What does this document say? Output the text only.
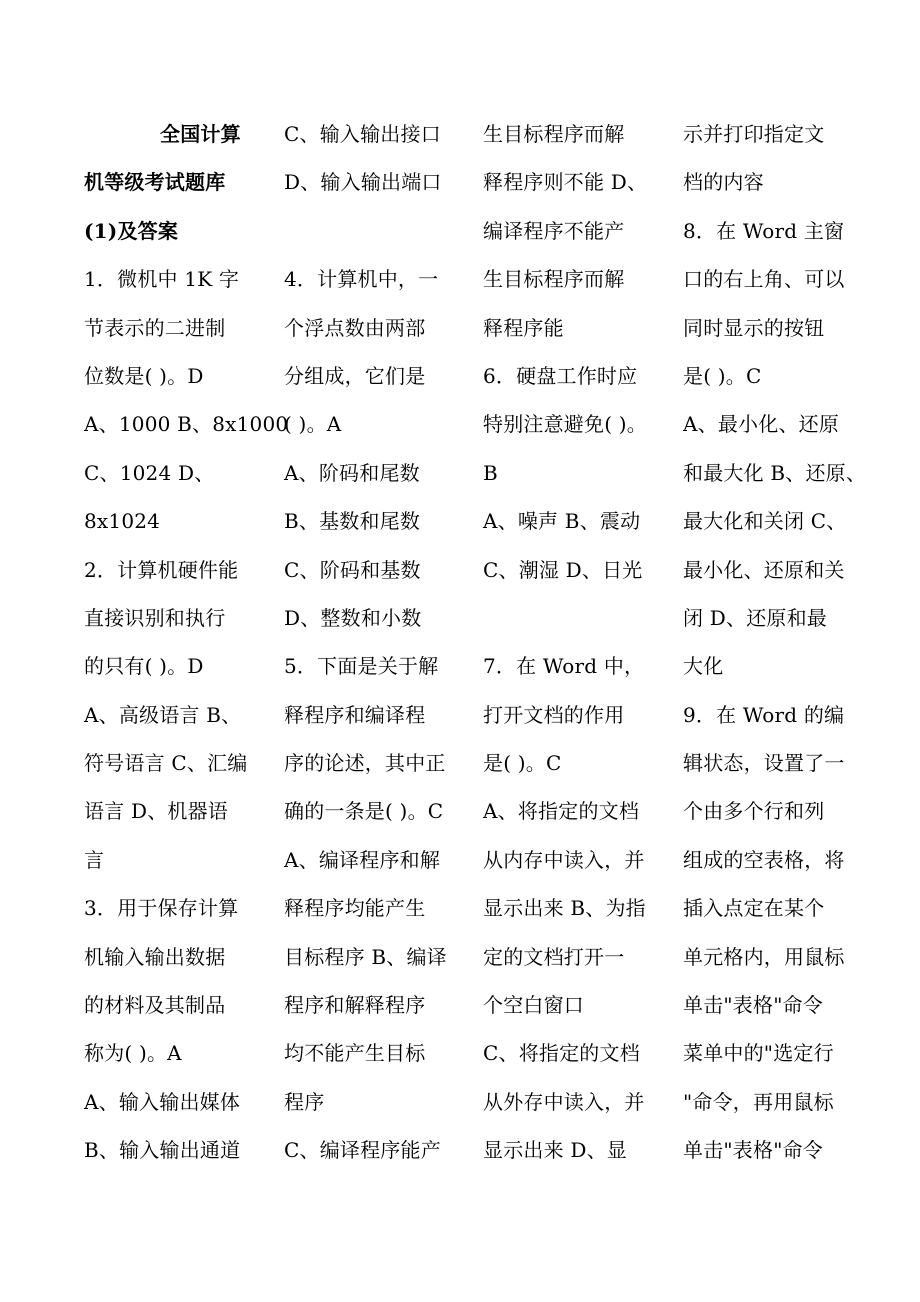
全国计算
机等级考试题库
(1)及答案
1．微机中 1K 字
节表示的二进制
位数是( )。D
A、1000 B、8x1000
C、1024 D、
8x1024
2．计算机硬件能
直接识别和执行
的只有( )。D
A、高级语言 B、
符号语言 C、汇编
语言 D、机器语
言
3．用于保存计算
机输入输出数据
的材料及其制品
称为( )。A
A、输入输出媒体
B、输入输出通道
C、输入输出接口
D、输入输出端口
4．计算机中，一
个浮点数由两部
分组成，它们是
( )。A
A、阶码和尾数
B、基数和尾数
C、阶码和基数
D、整数和小数
5．下面是关于解
释程序和编译程
序的论述，其中正
确的一条是( )。C
A、编译程序和解
释程序均能产生
目标程序 B、编译
程序和解释程序
均不能产生目标
程序
C、编译程序能产
生目标程序而解
释程序则不能 D、
编译程序不能产
生目标程序而解
释程序能
6．硬盘工作时应
特别注意避免( )。
B
A、噪声 B、震动
C、潮湿 D、日光
7．在 Word 中，
打开文档的作用
是( )。C
A、将指定的文档
从内存中读入，并
显示出来 B、为指
定的文档打开一
个空白窗口
C、将指定的文档
从外存中读入，并
显示出来 D、显
示并打印指定文
档的内容
8．在 Word 主窗
口的右上角、可以
同时显示的按钮
是( )。C
A、最小化、还原
和最大化 B、还原、
最大化和关闭 C、
最小化、还原和关
闭 D、还原和最
大化
9．在 Word 的编
辑状态，设置了一
个由多个行和列
组成的空表格，将
插入点定在某个
单元格内，用鼠标
单击"表格"命令
菜单中的"选定行
"命令，再用鼠标
单击"表格"命令
